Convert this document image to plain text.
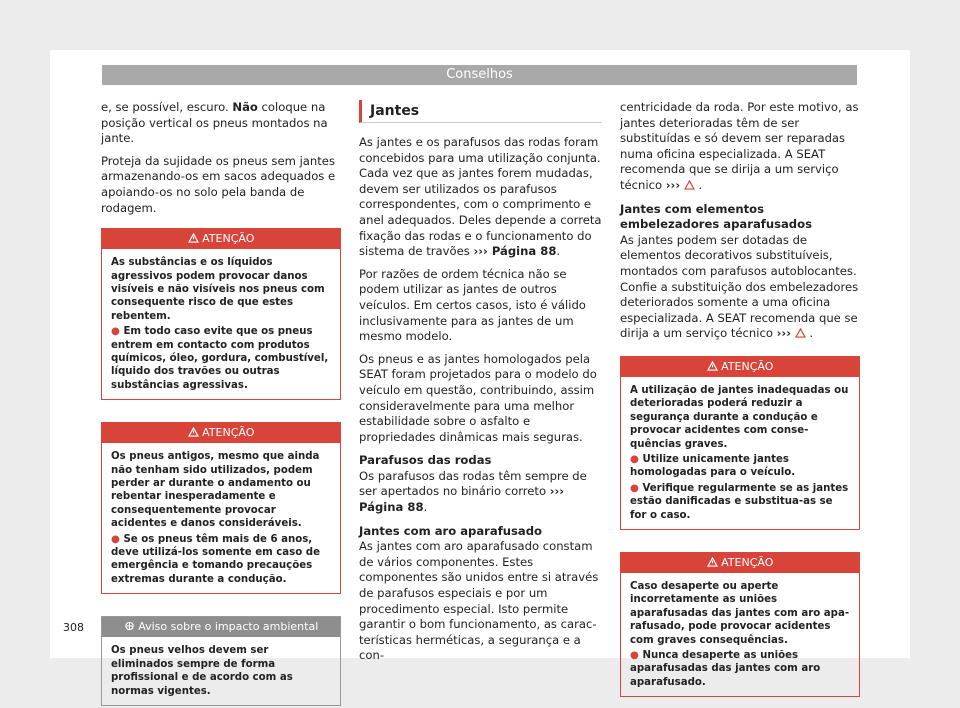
Conselhos

e, se possível, escuro. Não coloque na posição vertical os pneus montados na jante.

Proteja da sujidade os pneus sem jantes armazenando-os em sacos adequados e apoiando-os no solo pela banda de rodagem.

ATENÇÃO

As substâncias e os líquidos agressivos podem provocar danos visíveis e não visíveis nos pneus com consequente risco de que estes rebentem.

● Em todo caso evite que os pneus entrem em contacto com produtos químicos, óleo, gordura, combustível, líquido dos travões ou outras substâncias agressivas.

ATENÇÃO

Os pneus antigos, mesmo que ainda não tenham sido utilizados, podem perder ar durante o andamento ou rebentar inesperadamente e consequentemente provocar acidentes e danos consideráveis.

● Se os pneus têm mais de 6 anos, deve utilizá-los somente em caso de emergência e tomando precauções extremas durante a condução.

Aviso sobre o impacto ambiental

Os pneus velhos devem ser eliminados sempre de forma profissional e de acordo com as normas vigentes.

Jantes

As jantes e os parafusos das rodas foram concebidos para uma utilização conjunta. Cada vez que as jantes forem mudadas, devem ser utilizados os parafusos correspondentes, com o comprimento e anel adequados. Deles depende a correta fixação das rodas e o funcionamento do sistema de travões ››› Página 88.

Por razões de ordem técnica não se podem utilizar as jantes de outros veículos. Em certos casos, isto é válido inclusivamente para as jantes de um mesmo modelo.

Os pneus e as jantes homologados pela SEAT foram projetados para o modelo do veículo em questão, contribuindo, assim consideravelmente para uma melhor estabilidade sobre o asfalto e propriedades dinâmicas mais seguras.

Parafusos das rodas

Os parafusos das rodas têm sempre de ser apertados no binário correto ››› Página 88.

Jantes com aro aparafusado

As jantes com aro aparafusado constam de vários componentes. Estes componentes são unidos entre si através de parafusos especiais e por um procedimento especial. Isto permite garantir o bom funcionamento, as características herméticas, a segurança e a con-

centricidade da roda. Por este motivo, as jantes deterioradas têm de ser substituídas e só devem ser reparadas numa oficina especializada. A SEAT recomenda que se dirija a um serviço técnico ›››  .

Jantes com elementos embelezadores aparafusados

As jantes podem ser dotadas de elementos decorativos substituíveis, montados com parafusos autoblocantes. Confie a substituição dos embelezadores deteriorados somente a uma oficina especializada. A SEAT recomenda que se dirija a um serviço técnico ›››  .

ATENÇÃO

A utilização de jantes inadequadas ou deterioradas poderá reduzir a segurança durante a condução e provocar acidentes com consequências graves.

● Utilize unicamente jantes homologadas para o veículo.

● Verifique regularmente se as jantes estão danificadas e substitua-as se for o caso.

ATENÇÃO

Caso desaperte ou aperte incorretamente as uniões aparafusadas das jantes com aro aparafusado, pode provocar acidentes com graves consequências.

● Nunca desaperte as uniões aparafusadas das jantes com aro aparafusado.

308
